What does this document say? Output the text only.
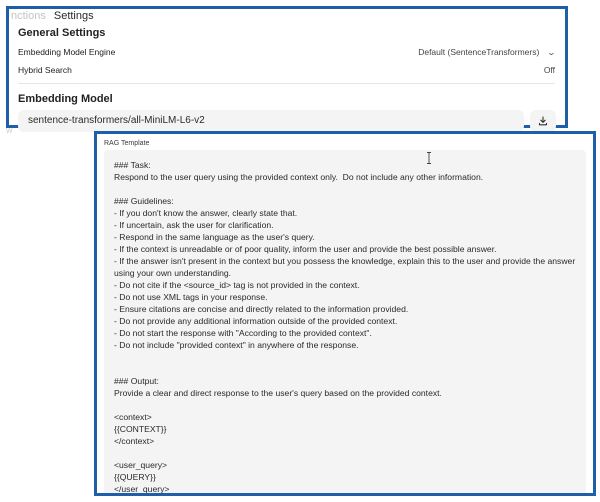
nctions Settings
General Settings
Embedding Model Engine	Default (SentenceTransformers) ⌄
Hybrid Search	Off
Embedding Model
sentence-transformers/all-MiniLM-L6-v2
W
RAG Template
### Task:
Respond to the user query using the provided context only.  Do not include any other information.

### Guidelines:
- If you don't know the answer, clearly state that.
- If uncertain, ask the user for clarification.
- Respond in the same language as the user's query.
- If the context is unreadable or of poor quality, inform the user and provide the best possible answer.
- If the answer isn't present in the context but you possess the knowledge, explain this to the user and provide the answer using your own understanding.
- Do not cite if the <source_id> tag is not provided in the context.
- Do not use XML tags in your response.
- Ensure citations are concise and directly related to the information provided.
- Do not provide any additional information outside of the provided context.
- Do not start the response with "According to the provided context".
- Do not include "provided context" in anywhere of the response.

### Output:
Provide a clear and direct response to the user's query based on the provided context.

<context>
{{CONTEXT}}
</context>

<user_query>
{{QUERY}}
</user_query>
